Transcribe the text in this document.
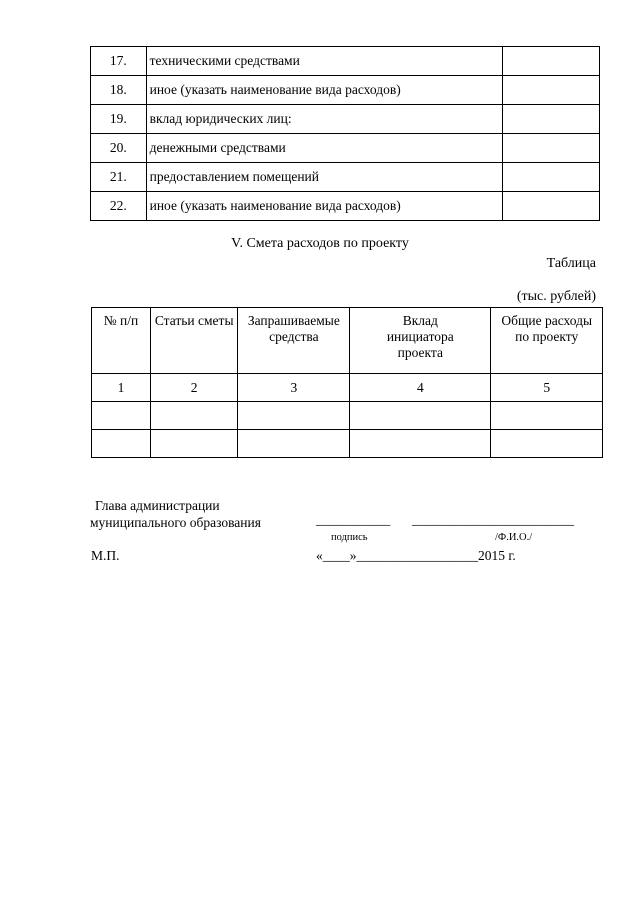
17.	техническими средствами	
18.	иное (указать наименование вида расходов)	
19.	вклад юридических лиц:	
20.	денежными средствами	
21.	предоставлением помещений	
22.	иное (указать наименование вида расходов)	
V. Смета расходов по проекту
Таблица
(тыс. рублей)
№ п/п	Статьи сметы	Запрашиваемые средства	Вклад инициатора проекта	Общие расходы по проекту
1	2	3	4	5

Глава администрации
муниципального образования	___________ ________________________
подпись	/Ф.И.О./
М.П.	«____»__________________2015 г.
